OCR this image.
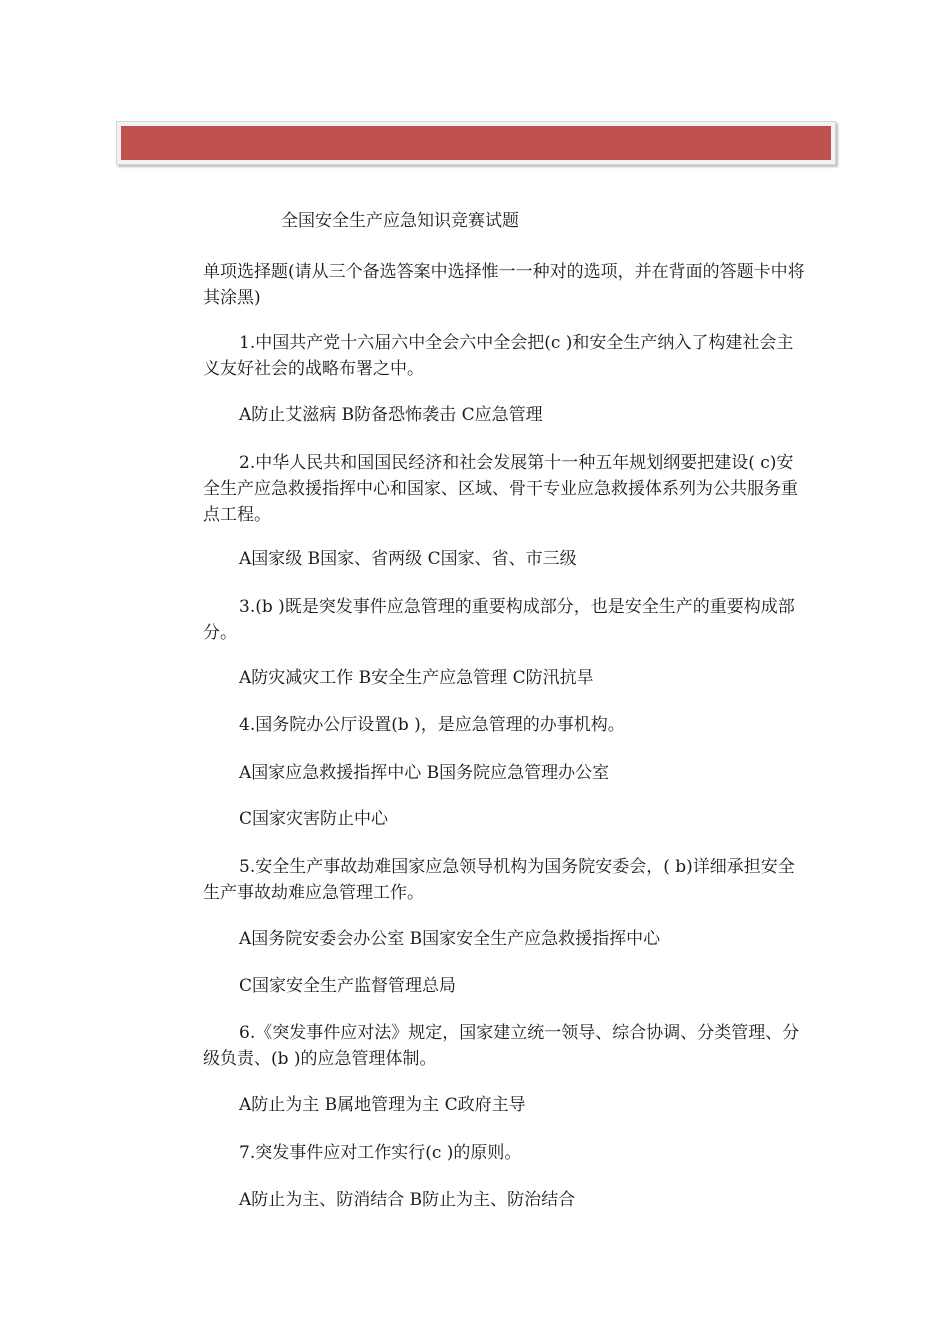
全国安全生产应急知识竞赛试题

单项选择题(请从三个备选答案中选择惟一一种对的选项，并在背面的答题卡中将其涂黑)

1.中国共产党十六届六中全会六中全会把(c )和安全生产纳入了构建社会主义友好社会的战略布署之中。

A防止艾滋病 B防备恐怖袭击 C应急管理

2.中华人民共和国国民经济和社会发展第十一种五年规划纲要把建设( c)安全生产应急救援指挥中心和国家、区域、骨干专业应急救援体系列为公共服务重点工程。

A国家级 B国家、省两级 C国家、省、市三级

3.(b )既是突发事件应急管理的重要构成部分，也是安全生产的重要构成部分。

A防灾减灾工作 B安全生产应急管理 C防汛抗旱

4.国务院办公厅设置(b )，是应急管理的办事机构。

A国家应急救援指挥中心 B国务院应急管理办公室
C国家灾害防止中心

5.安全生产事故劫难国家应急领导机构为国务院安委会，( b)详细承担安全生产事故劫难应急管理工作。

A国务院安委会办公室 B国家安全生产应急救援指挥中心
C国家安全生产监督管理总局

6.《突发事件应对法》规定，国家建立统一领导、综合协调、分类管理、分级负责、(b )的应急管理体制。

A防止为主 B属地管理为主 C政府主导

7.突发事件应对工作实行(c )的原则。

A防止为主、防消结合 B防止为主、防治结合
